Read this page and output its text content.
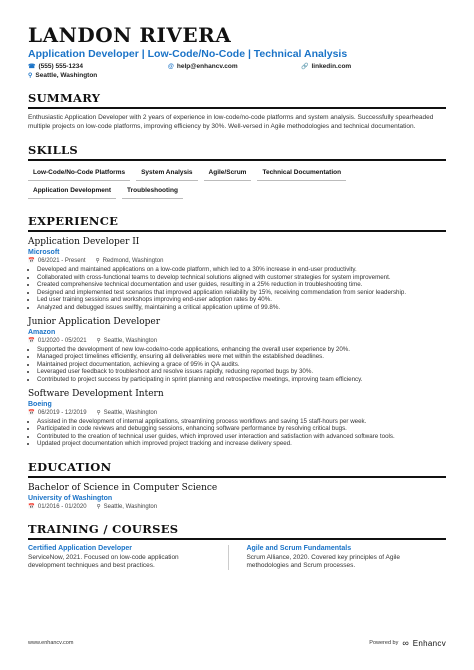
LANDON RIVERA
Application Developer | Low-Code/No-Code | Technical Analysis
☎ (555) 555-1234	@ help@enhancv.com	🔗 linkedin.com
⚲ Seattle, Washington
SUMMARY
Enthusiastic Application Developer with 2 years of experience in low-code/no-code platforms and system analysis. Successfully spearheaded multiple projects on low-code platforms, improving efficiency by 30%. Well-versed in Agile methodologies and technical documentation.
SKILLS
Low-Code/No-Code Platforms	System Analysis	Agile/Scrum	Technical Documentation
Application Development	Troubleshooting
EXPERIENCE
Application Developer II
Microsoft
📅 06/2021 - Present ⚲ Redmond, Washington
• Developed and maintained applications on a low-code platform, which led to a 30% increase in end-user productivity.
• Collaborated with cross-functional teams to develop technical solutions aligned with customer strategies for system improvement.
• Created comprehensive technical documentation and user guides, resulting in a 25% reduction in troubleshooting time.
• Designed and implemented test scenarios that improved application reliability by 15%, receiving commendation from senior leadership.
• Led user training sessions and workshops improving end-user adoption rates by 40%.
• Analyzed and debugged issues swiftly, maintaining a critical application uptime of 99.8%.
Junior Application Developer
Amazon
📅 01/2020 - 05/2021 ⚲ Seattle, Washington
• Supported the development of new low-code/no-code applications, enhancing the overall user experience by 20%.
• Managed project timelines efficiently, ensuring all deliverables were met within the established deadlines.
• Maintained project documentation, achieving a grace of 95% in QA audits.
• Leveraged user feedback to troubleshoot and resolve issues rapidly, reducing reported bugs by 30%.
• Contributed to project success by participating in sprint planning and retrospective meetings, improving team efficiency.
Software Development Intern
Boeing
📅 06/2019 - 12/2019 ⚲ Seattle, Washington
• Assisted in the development of internal applications, streamlining process workflows and saving 15 staff-hours per week.
• Participated in code reviews and debugging sessions, enhancing software performance by resolving critical bugs.
• Contributed to the creation of technical user guides, which improved user interaction and satisfaction with advanced software tools.
• Updated project documentation which improved project tracking and increase delivery speed.
EDUCATION
Bachelor of Science in Computer Science
University of Washington
📅 01/2016 - 01/2020 ⚲ Seattle, Washington
TRAINING / COURSES
Certified Application Developer
ServiceNow, 2021. Focused on low-code application development techniques and best practices.
Agile and Scrum Fundamentals
Scrum Alliance, 2020. Covered key principles of Agile methodologies and Scrum processes.
www.enhancv.com	Powered by ∞ Enhancv
